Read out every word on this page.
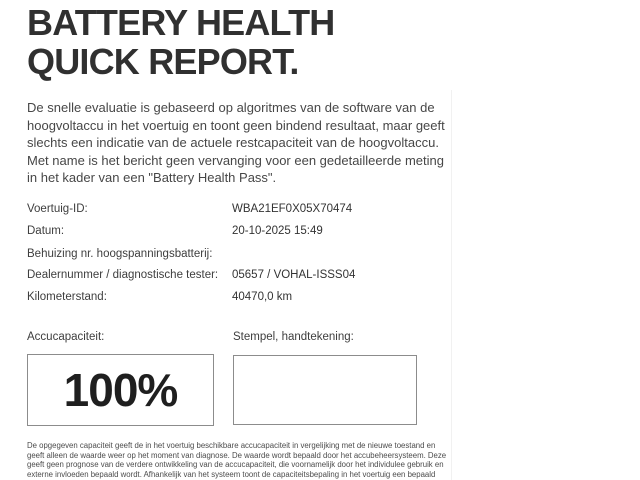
BATTERY HEALTH
QUICK REPORT.
De snelle evaluatie is gebaseerd op algoritmes van de software van de
hoogvoltaccu in het voertuig en toont geen bindend resultaat, maar geeft
slechts een indicatie van de actuele restcapaciteit van de hoogvoltaccu.
Met name is het bericht geen vervanging voor een gedetailleerde meting
in het kader van een "Battery Health Pass".
Voertuig-ID:	WBA21EF0X05X70474
Datum:	20-10-2025 15:49
Behuizing nr. hoogspanningsbatterij:
Dealernummer / diagnostische tester: 05657 / VOHAL-ISSS04
Kilometerstand:	40470,0 km
Accucapaciteit:	Stempel, handtekening:
100%
De opgegeven capaciteit geeft de in het voertuig beschikbare accucapaciteit in vergelijking met de nieuwe toestand en
geeft alleen de waarde weer op het moment van diagnose. De waarde wordt bepaald door het accubeheersysteem. Deze
geeft geen prognose van de verdere ontwikkeling van de accucapaciteit, die voornamelijk door het individulee gebruik en
externe invloeden bepaald wordt. Afhankelijk van het systeem toont de capaciteitsbepaling in het voertuig een bepaald
